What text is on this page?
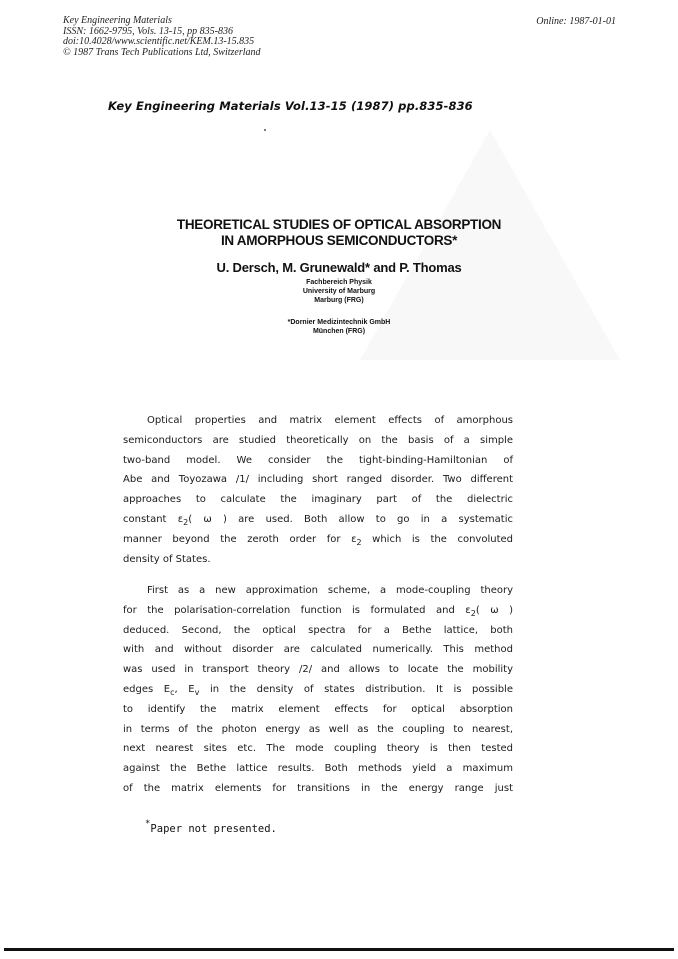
Key Engineering Materials
ISSN: 1662-9795, Vols. 13-15, pp 835-836
doi:10.4028/www.scientific.net/KEM.13-15.835
© 1987 Trans Tech Publications Ltd, Switzerland
Online: 1987-01-01
Key Engineering Materials Vol.13-15 (1987) pp.835-836
THEORETICAL STUDIES OF OPTICAL ABSORPTION
IN AMORPHOUS SEMICONDUCTORS*
U. Dersch, M. Grunewald* and P. Thomas
Fachbereich Physik
University of Marburg
Marburg (FRG)
*Dornier Medizintechnik GmbH
München (FRG)
Optical properties and matrix element effects of amorphous
semiconductors are studied theoretically on the basis of a simple
two-band model. We consider the tight-binding-Hamiltonian of
Abe and Toyozawa /1/ including short ranged disorder. Two different
approaches to calculate the imaginary part of the dielectric
constant $\varepsilon_2$( ω ) are used. Both allow to go in a systematic
manner beyond the zeroth order for $\varepsilon_2$ which is the convoluted
density of States.
First as a new approximation scheme, a mode-coupling theory
for the polarisation-correlation function is formulated and $\varepsilon_2$( ω )
deduced. Second, the optical spectra for a Bethe lattice, both
with and without disorder are calculated numerically. This method
was used in transport theory /2/ and allows to locate the mobility
edges $E_c$, $E_v$ in the density of states distribution. It is possible
to identify the matrix element effects for optical absorption
in terms of the photon energy as well as the coupling to nearest,
next nearest sites etc. The mode coupling theory is then tested
against the Bethe lattice results. Both methods yield a maximum
of the matrix elements for transitions in the energy range just
*Paper not presented.
